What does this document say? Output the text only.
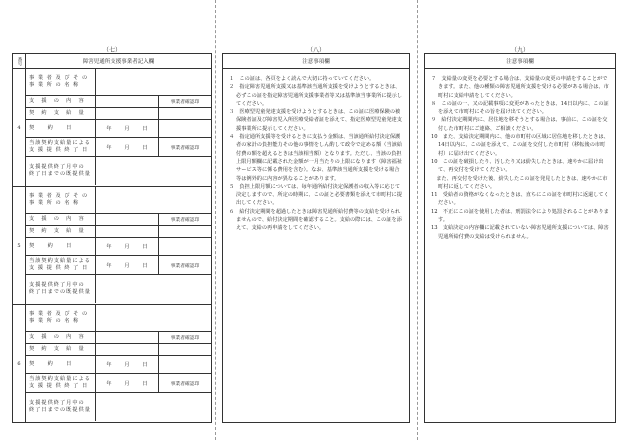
（七）	（八）	（九）
番号	障害児通所支援事業者記入欄
4
事 業 者 及 び そ の
事 業 所 の 名 称
支　援　の　内　容	事業者確認印
契　約　支　給　量
契　　約　　日	年 月 日
当該契約支給量による
支 援 提 供 終 了 日	年 月 日	事業者確認印
支援提供終了月中の
終了日までの既提供量
5
事 業 者 及 び そ の
事 業 所 の 名 称
支　援　の　内　容	事業者確認印
契　約　支　給　量
契　　約　　日	年 月 日
当該契約支給量による
支 援 提 供 終 了 日	年 月 日	事業者確認印
支援提供終了月中の
終了日までの既提供量
6
事 業 者 及 び そ の
事 業 所 の 名 称
支　援　の　内　容	事業者確認印
契　約　支　給　量
契　　約　　日	年 月 日
当該契約支給量による
支 援 提 供 終 了 日	年 月 日	事業者確認印
支援提供終了月中の
終了日までの既提供量
注意事項欄

１　この証は、各頁をよく読んで大切に持っていてください。

２　指定障害児通所支援又は基準該当通所支援を受けようとするときは、必ずこの証を指定障害児通所支援事業者等又は基準該当事業所に提示してください。

３　医療型児童発達支援を受けようとするときは、この証に医療保険の被保険者証及び障害児入所医療受給者証を添えて、指定医療型児童発達支援事業所に提示してください。

４　指定通所支援等を受けるときに支払う金額は、当該通所給付決定保護者の家計の負担能力その他の事情をしん酌して政令で定める額（当該給付費の額を超えるときは当該相当額）となります。ただし、当該の負担上限月額欄に記載された金額が一月当たりの上限になります（障害福祉サービス等に係る費用を含む）。なお、基準該当通所支援を受ける場合等は例外的に内容が異なることがあります。

５　負担上限月額については、毎年通所給付決定保護者の収入等に応じて決定しますので、所定の時期に、この証と必要書類を添えて市町村に提出してください。

６　給付決定期間を超過したときは障害児通所給付費等の支給を受けられませんので、給付決定期間を確認すること。支給の際には、この証を添えて、支給の再申請をしてください。

注意事項欄

７　支給量の変更を必要とする場合は、支給量の変更の申請をすることができます。また、他の種類の障害児通所支援を受ける必要がある場合は、市町村に支給申請をしてください。

８　この証の一、又の記載事項に変更があったときは、14日以内に、この証を添えて市町村にその旨を届け出てください。

９　給付決定期間内に、居住地を移そうとする場合は、事前に、この証を交付した市町村にご連絡、ご相談ください。

10　また、支給決定期間内に、他の市町村の区域に居住地を移したときは、14日以内に、この証を添えて、この証を交付した市町村（移転後の市町村）に届け出てください。

10　この証を破損したり、汚したり又は紛失したときは、速やかに届け出て、再交付を受けてください。

　また、再交付を受けた後、紛失したこの証を発見したときは、速やかに市町村に返してください。

11　受給者の資格がなくなったときは、直ちにこの証を市町村に返還してください。

12　不正にこの証を使用した者は、刑罰法令により処罰されることがあります。

13　支給決定の内容欄に記載されていない障害児通所支援については、障害児通所給付費の支給は受けられません。
